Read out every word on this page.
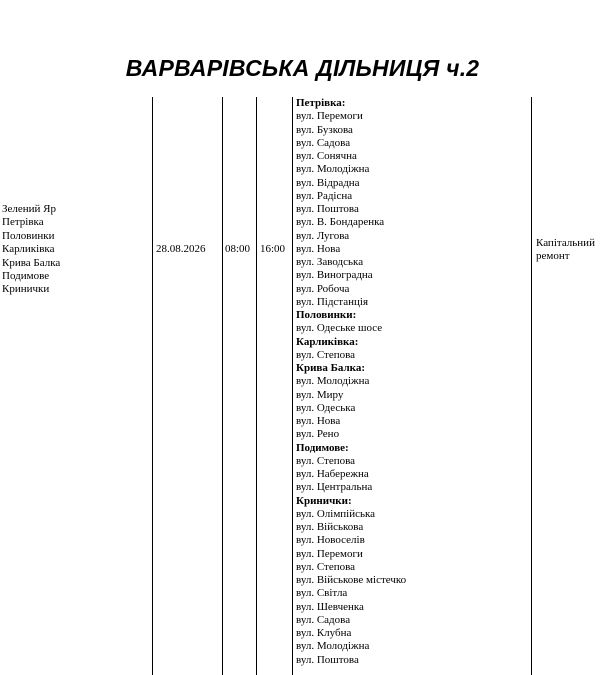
ВАРВАРІВСЬКА ДІЛЬНИЦЯ ч.2
Зелений Яр
Петрівка
Половинки
Карликівка
Крива Балка
Подимове
Кринички
28.08.2026 08:00 16:00
Петрівка:
вул. Перемоги
вул. Бузкова
вул. Садова
вул. Сонячна
вул. Молодіжна
вул. Відрадна
вул. Радісна
вул. Поштова
вул. В. Бондаренка
вул. Лугова
вул. Нова
вул. Заводська
вул. Виноградна
вул. Робоча
вул. Підстанція
Половинки:
вул. Одеське шосе
Карликівка:
вул. Степова
Крива Балка:
вул. Молодіжна
вул. Миру
вул. Одеська
вул. Нова
вул. Рено
Подимове:
вул. Степова
вул. Набережна
вул. Центральна
Кринички:
вул. Олімпійська
вул. Військова
вул. Новоселів
вул. Перемоги
вул. Степова
вул. Військове містечко
вул. Світла
вул. Шевченка
вул. Садова
вул. Клубна
вул. Молодіжна
вул. Поштова
Капітальний
ремонт
